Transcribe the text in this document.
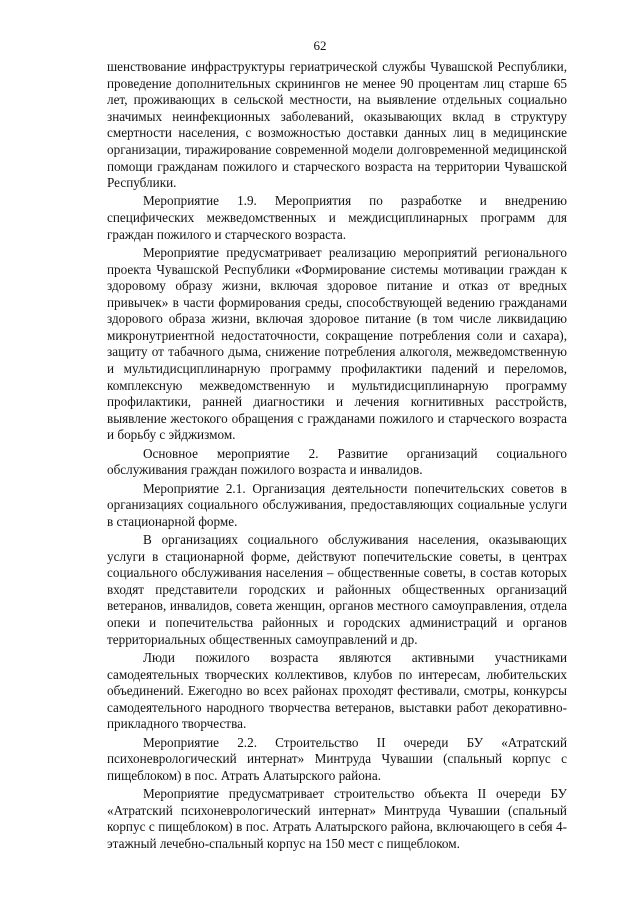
62

шенствование инфраструктуры гериатрической службы Чувашской Республики, проведение дополнительных скринингов не менее 90 процентам лиц старше 65 лет, проживающих в сельской местности, на выявление отдельных социально значимых неинфекционных заболеваний, оказывающих вклад в структуру смертности населения, с возможностью доставки данных лиц в медицинские организации, тиражирование современной модели долговременной медицинской помощи гражданам пожилого и старческого возраста на территории Чувашской Республики.

Мероприятие 1.9. Мероприятия по разработке и внедрению специфических межведомственных и междисциплинарных программ для граждан пожилого и старческого возраста.

Мероприятие предусматривает реализацию мероприятий регионального проекта Чувашской Республики «Формирование системы мотивации граждан к здоровому образу жизни, включая здоровое питание и отказ от вредных привычек» в части формирования среды, способствующей ведению гражданами здорового образа жизни, включая здоровое питание (в том числе ликвидацию микронутриентной недостаточности, сокращение потребления соли и сахара), защиту от табачного дыма, снижение потребления алкоголя, межведомственную и мультидисциплинарную программу профилактики падений и переломов, комплексную межведомственную и мультидисциплинарную программу профилактики, ранней диагностики и лечения когнитивных расстройств, выявление жестокого обращения с гражданами пожилого и старческого возраста и борьбу с эйджизмом.

Основное мероприятие 2. Развитие организаций социального обслуживания граждан пожилого возраста и инвалидов.

Мероприятие 2.1. Организация деятельности попечительских советов в организациях социального обслуживания, предоставляющих социальные услуги в стационарной форме.

В организациях социального обслуживания населения, оказывающих услуги в стационарной форме, действуют попечительские советы, в центрах социального обслуживания населения – общественные советы, в состав которых входят представители городских и районных общественных организаций ветеранов, инвалидов, совета женщин, органов местного самоуправления, отдела опеки и попечительства районных и городских администраций и органов территориальных общественных самоуправлений и др.

Люди пожилого возраста являются активными участниками самодеятельных творческих коллективов, клубов по интересам, любительских объединений. Ежегодно во всех районах проходят фестивали, смотры, конкурсы самодеятельного народного творчества ветеранов, выставки работ декоративно-прикладного творчества.

Мероприятие 2.2. Строительство II очереди БУ «Атратский психоневрологический интернат» Минтруда Чувашии (спальный корпус с пищеблоком) в пос. Атрать Алатырского района.

Мероприятие предусматривает строительство объекта II очереди БУ «Атратский психоневрологический интернат» Минтруда Чувашии (спальный корпус с пищеблоком) в пос. Атрать Алатырского района, включающего в себя 4-этажный лечебно-спальный корпус на 150 мест с пищеблоком.
